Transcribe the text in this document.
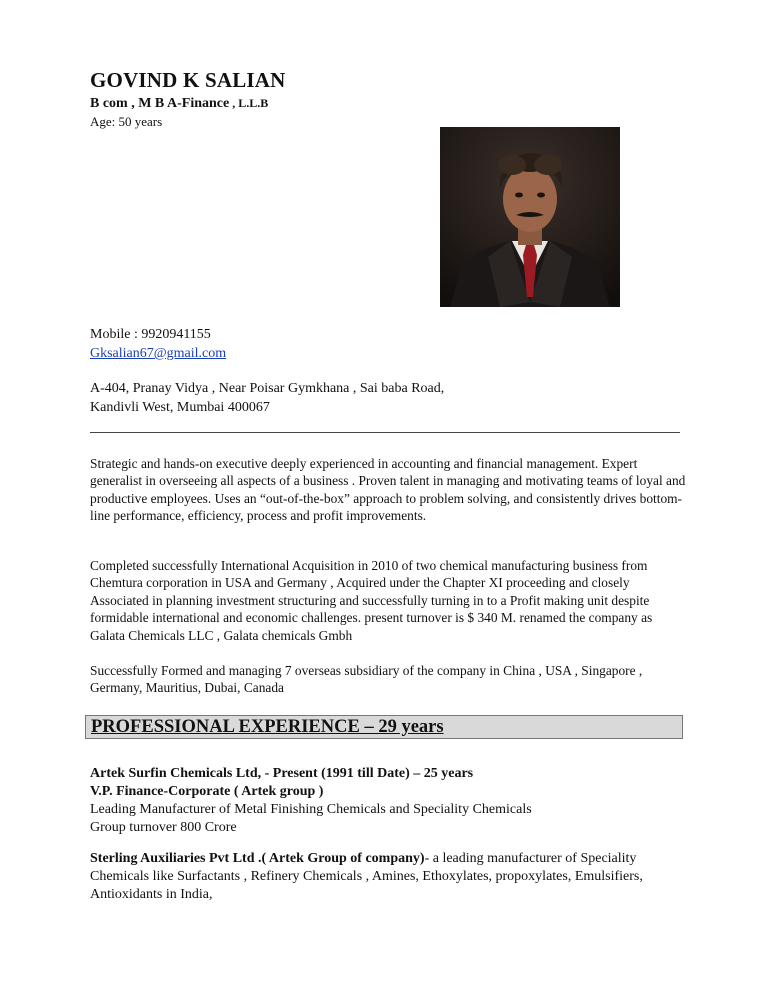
GOVIND K SALIAN
B com , M B A-Finance , L.L.B
Age: 50 years
Mobile : 9920941155
Gksalian67@gmail.com
A-404, Pranay Vidya , Near Poisar Gymkhana , Sai baba Road,
Kandivli West, Mumbai 400067

Strategic and hands-on executive deeply experienced in accounting and financial management. Expert generalist in overseeing all aspects of a business . Proven talent in managing and motivating teams of loyal and productive employees. Uses an “out-of-the-box” approach to problem solving, and consistently drives bottom-line performance, efficiency, process and profit improvements.

Completed successfully International Acquisition in 2010 of two chemical manufacturing business from Chemtura corporation in USA and Germany , Acquired under the Chapter XI proceeding and closely Associated in planning investment structuring and successfully turning in to a Profit making unit despite formidable international and economic challenges. present turnover is $ 340 M. renamed the company as Galata Chemicals LLC , Galata chemicals Gmbh

Successfully Formed and managing 7 overseas subsidiary of the company in China , USA , Singapore , Germany, Mauritius, Dubai, Canada

PROFESSIONAL EXPERIENCE – 29 years
Artek Surfin Chemicals Ltd, - Present (1991 till Date) – 25 years
V.P. Finance-Corporate ( Artek group )
Leading Manufacturer of Metal Finishing Chemicals and Speciality Chemicals
Group turnover 800 Crore
Sterling Auxiliaries Pvt Ltd .( Artek Group of company)- a leading manufacturer of Speciality Chemicals like Surfactants , Refinery Chemicals , Amines, Ethoxylates, propoxylates, Emulsifiers, Antioxidants in India,
